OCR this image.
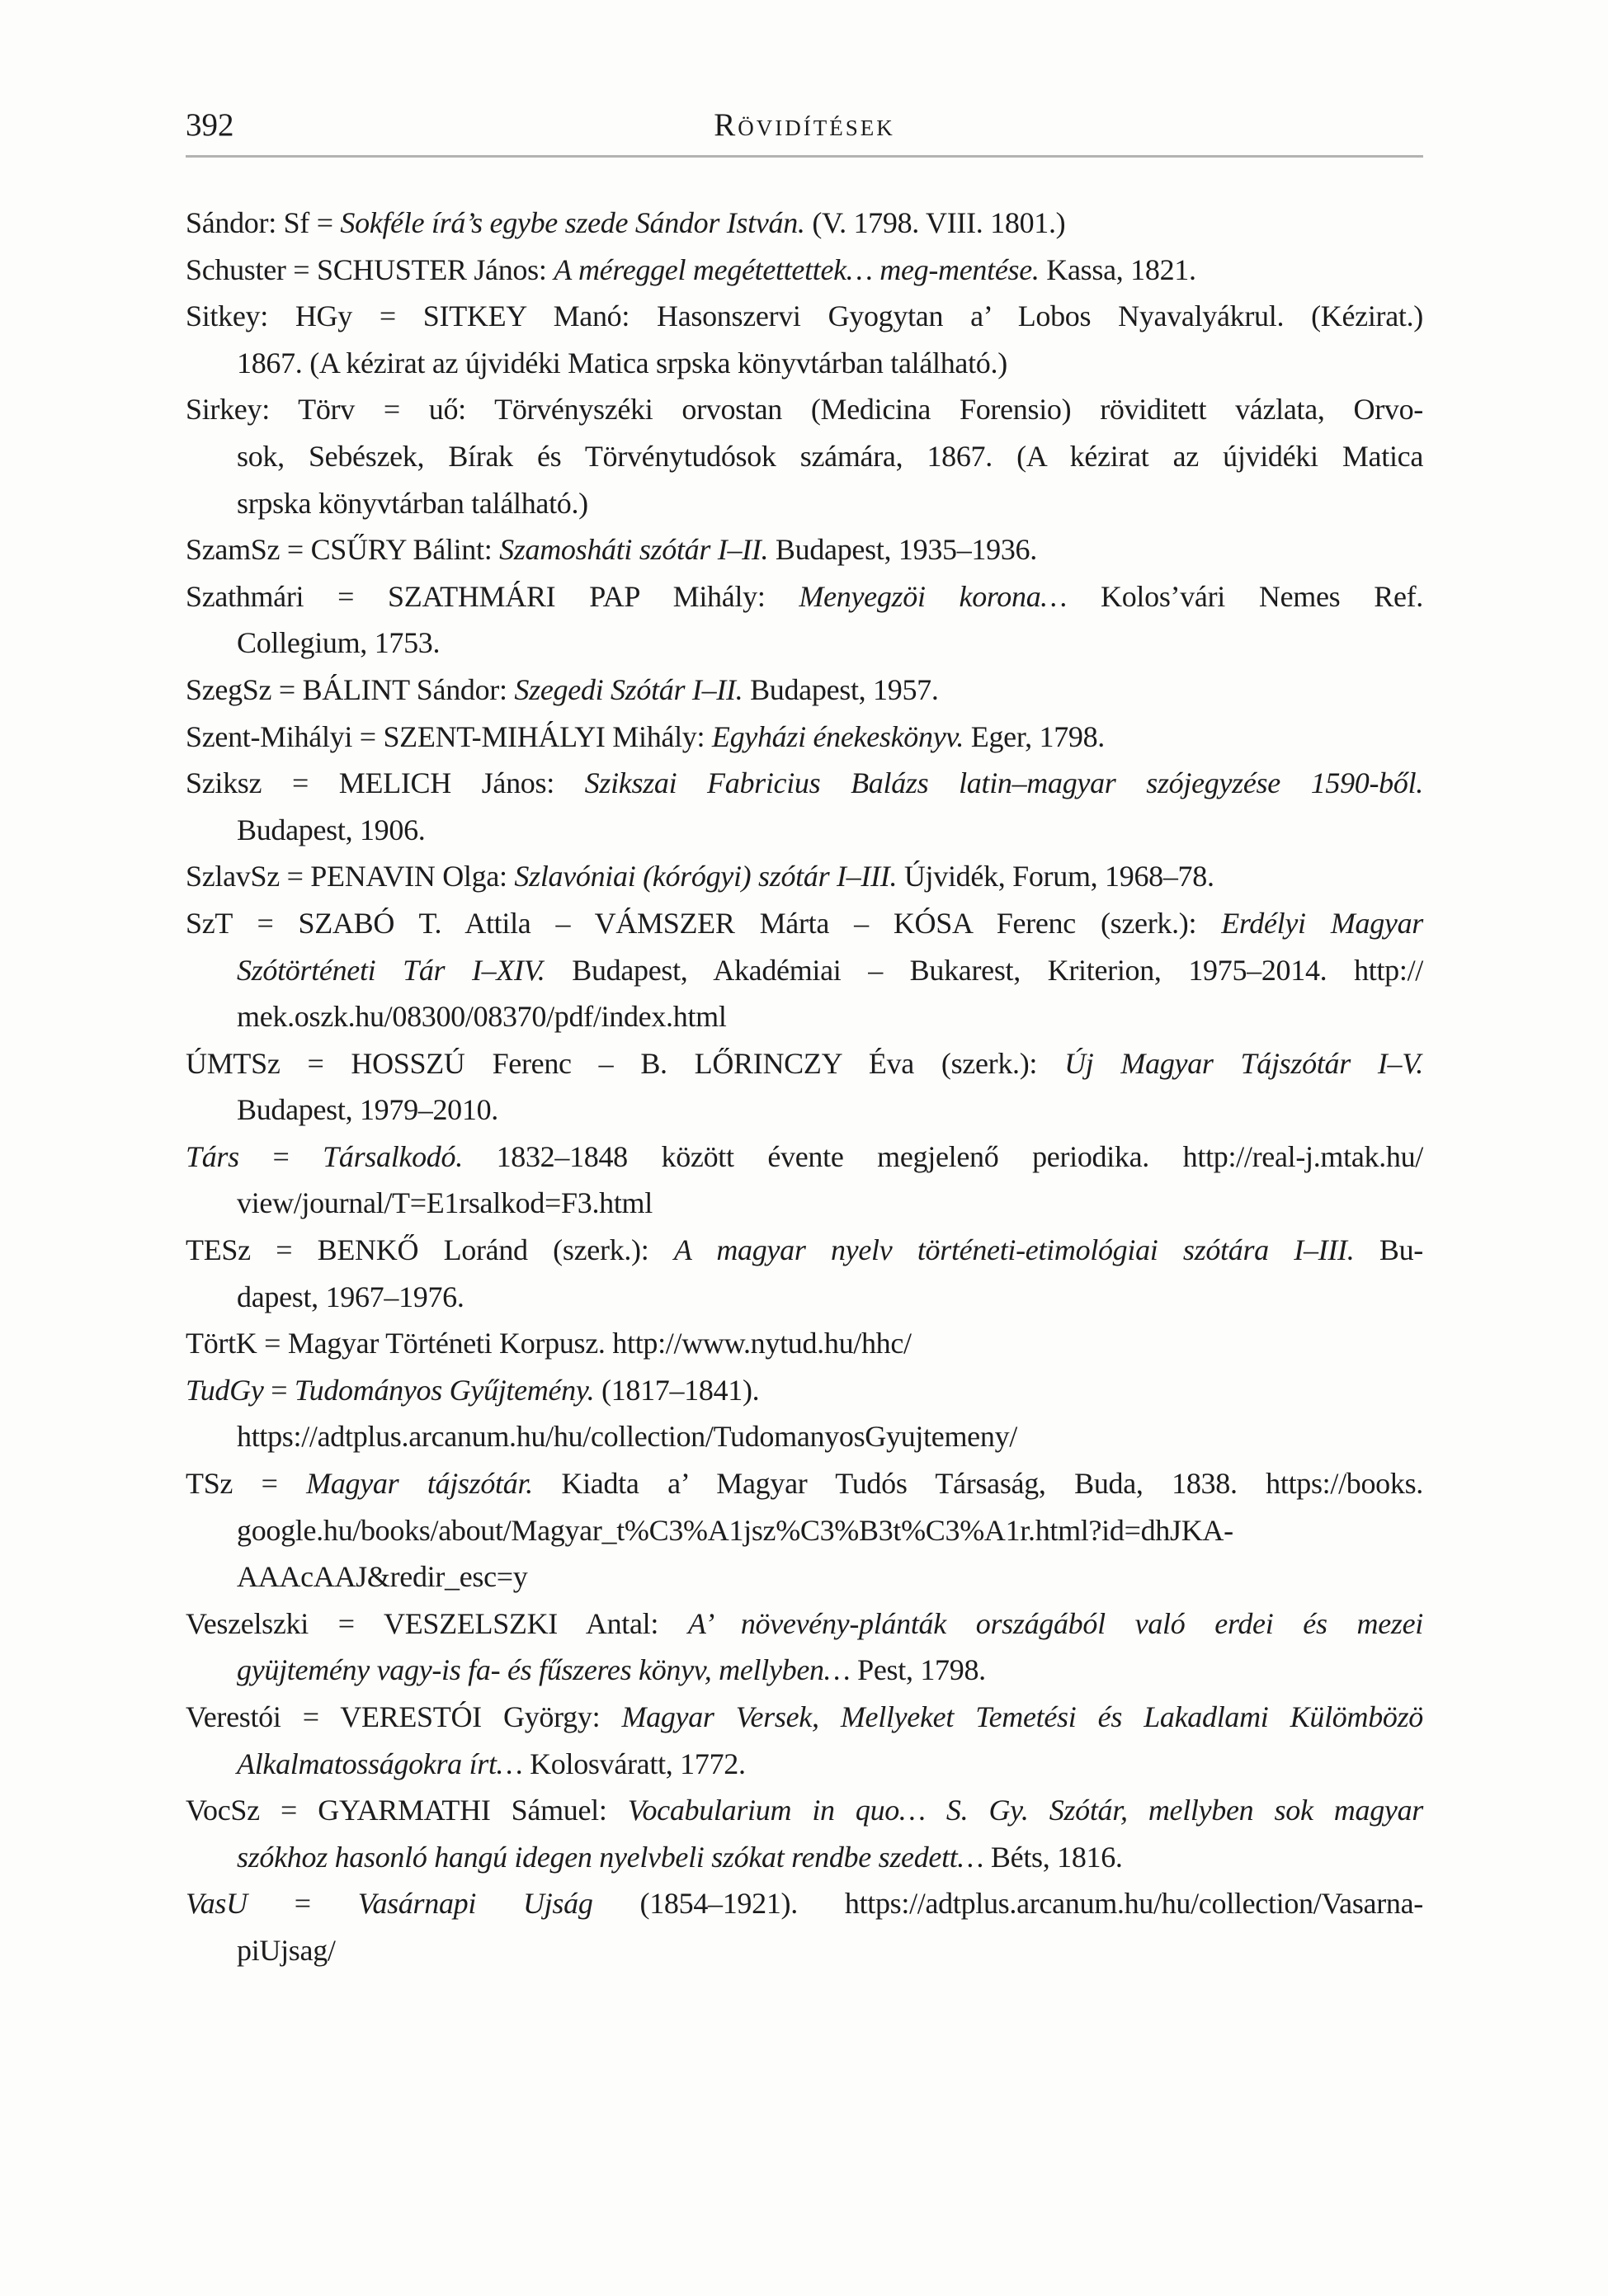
Rövidítések
392
Sándor: Sf = Sokféle írá’s egybe szede Sándor István. (V. 1798. VIII. 1801.)
Schuster = SCHUSTER János: A méreggel megétettettek… meg-mentése. Kassa, 1821.
Sitkey: HGy = SITKEY Manó: Hasonszervi Gyogytan a’ Lobos Nyavalyákrul. (Kézirat.)
1867. (A kézirat az újvidéki Matica srpska könyvtárban található.)
Sirkey: Törv = uő: Törvényszéki orvostan (Medicina Forensio) röviditett vázlata, Orvo-
sok, Sebészek, Bírak és Törvénytudósok számára, 1867. (A kézirat az újvidéki Matica
srpska könyvtárban található.)
SzamSz = CSŰRY Bálint: Szamosháti szótár I–II. Budapest, 1935–1936.
Szathmári = SZATHMÁRI PAP Mihály: Menyegzöi korona… Kolos’vári Nemes Ref.
Collegium, 1753.
SzegSz = BÁLINT Sándor: Szegedi Szótár I–II. Budapest, 1957.
Szent-Mihályi = SZENT-MIHÁLYI Mihály: Egyházi énekeskönyv. Eger, 1798.
Sziksz = MELICH János: Szikszai Fabricius Balázs latin–magyar szójegyzése 1590-ből.
Budapest, 1906.
SzlavSz = PENAVIN Olga: Szlavóniai (kórógyi) szótár I–III. Újvidék, Forum, 1968–78.
SzT = SZABÓ T. Attila – VÁMSZER Márta – KÓSA Ferenc (szerk.): Erdélyi Magyar
Szótörténeti Tár I–XIV. Budapest, Akadémiai – Bukarest, Kriterion, 1975–2014. http://
mek.oszk.hu/08300/08370/pdf/index.html
ÚMTSz = HOSSZÚ Ferenc – B. LŐRINCZY Éva (szerk.): Új Magyar Tájszótár I–V.
Budapest, 1979–2010.
Társ = Társalkodó. 1832–1848 között évente megjelenő periodika. http://real-j.mtak.hu/
view/journal/T=E1rsalkod=F3.html
TESz = BENKŐ Loránd (szerk.): A magyar nyelv történeti-etimológiai szótára I–III. Bu-
dapest, 1967–1976.
TörtK = Magyar Történeti Korpusz. http://www.nytud.hu/hhc/
TudGy = Tudományos Gyűjtemény. (1817–1841).
https://adtplus.arcanum.hu/hu/collection/TudomanyosGyujtemeny/
TSz = Magyar tájszótár. Kiadta a’ Magyar Tudós Társaság, Buda, 1838. https://books.
google.hu/books/about/Magyar_t%C3%A1jsz%C3%B3t%C3%A1r.html?id=dhJKA-
AAAcAAJ&redir_esc=y
Veszelszki = VESZELSZKI Antal: A’ növevény-plánták országából való erdei és mezei
gyüjtemény vagy-is fa- és fűszeres könyv, mellyben… Pest, 1798.
Verestói = VERESTÓI György: Magyar Versek, Mellyeket Temetési és Lakadlami Külömbözö
Alkalmatosságokra írt… Kolosváratt, 1772.
VocSz = GYARMATHI Sámuel: Vocabularium in quo… S. Gy. Szótár, mellyben sok magyar
szókhoz hasonló hangú idegen nyelvbeli szókat rendbe szedett… Béts, 1816.
VasU = Vasárnapi Ujság (1854–1921). https://adtplus.arcanum.hu/hu/collection/Vasarna-
piUjsag/
